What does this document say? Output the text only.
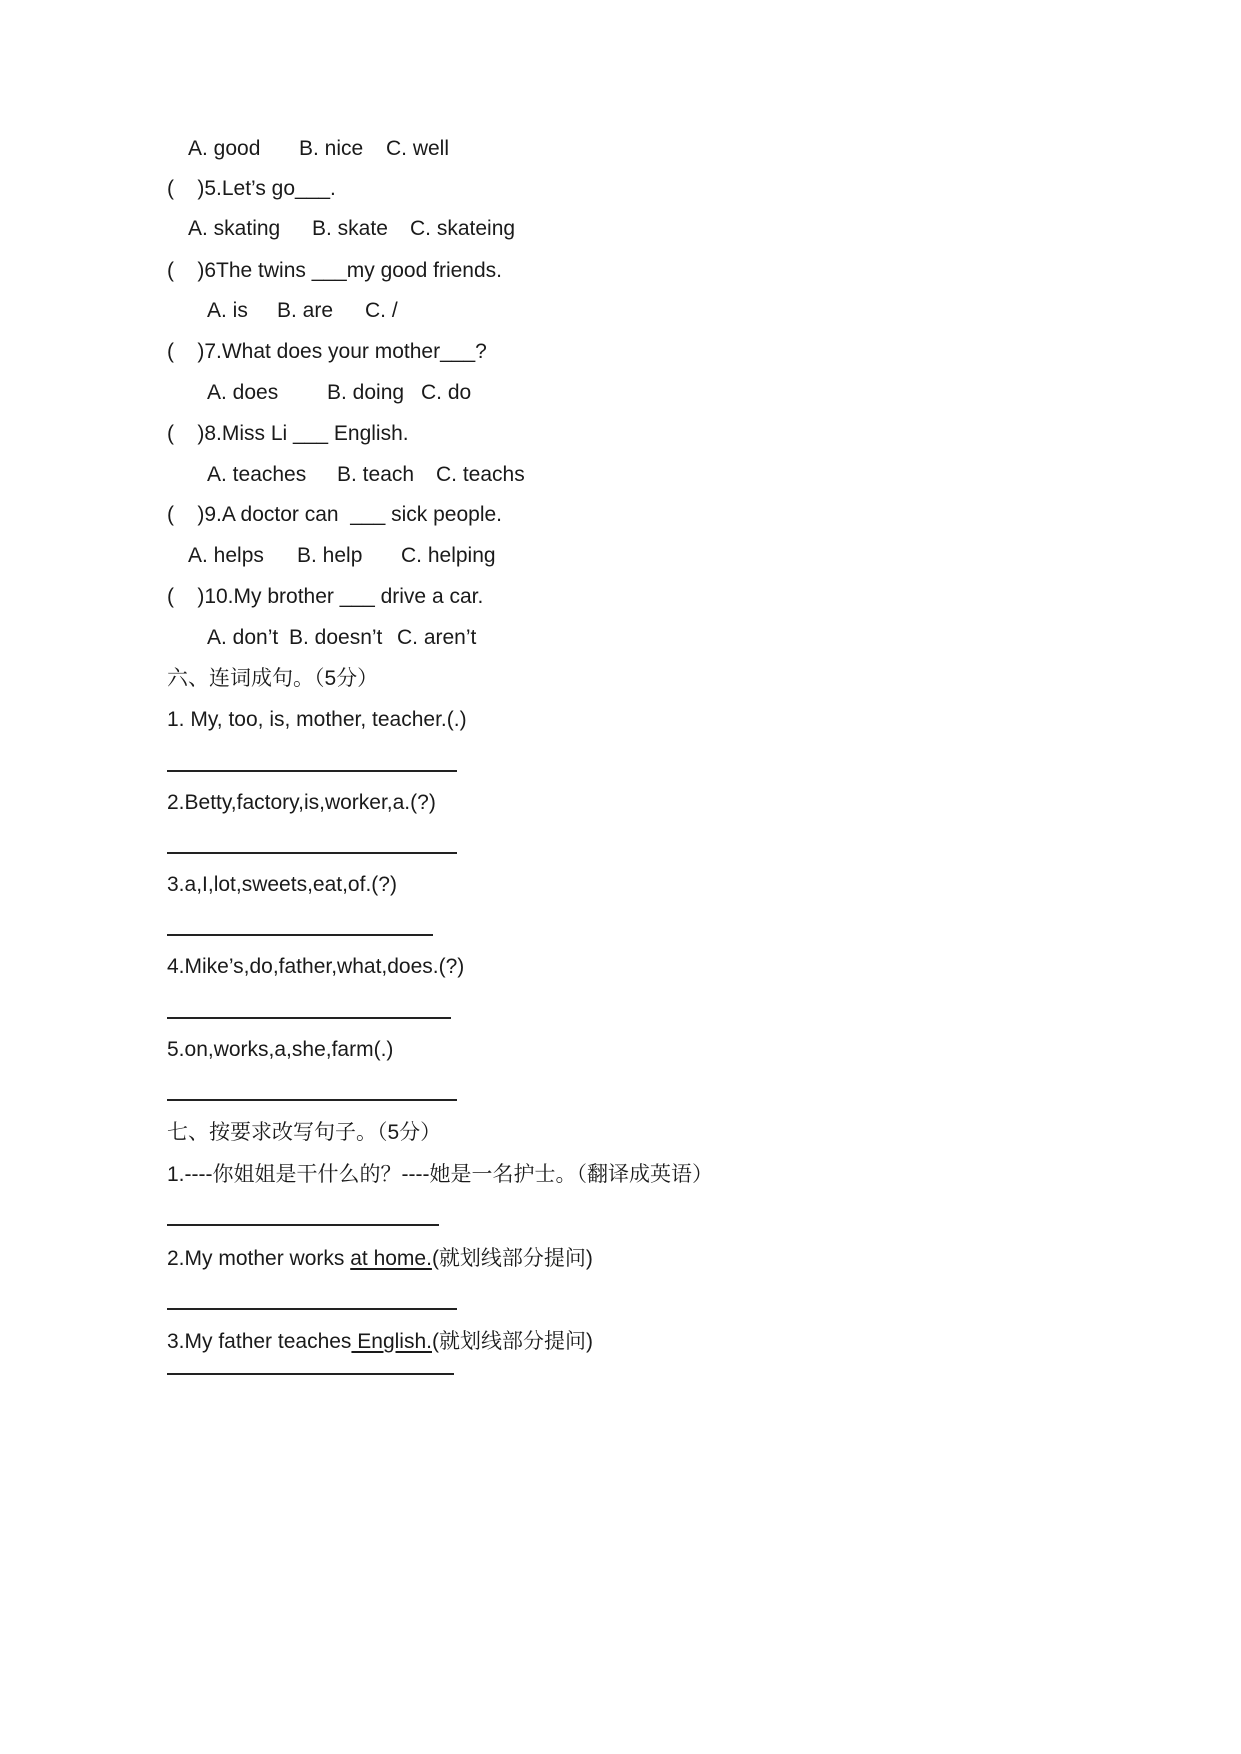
A. good B. nice C. well
(    )5.Let’s go___.
A. skating B. skate C. skateing
(    )6The twins ___my good friends.
A. is B. are C. /
(    )7.What does your mother___?
A. does B. doing C. do
(    )8.Miss Li ___ English.
A. teaches B. teach C. teachs
(    )9.A doctor can  ___ sick people.
A. helps B. help C. helping
(    )10.My brother ___ drive a car.
A. don’t B. doesn’t C. aren’t
六、连词成句。（5分）
1. My, too, is, mother, teacher.(.)
2.Betty,factory,is,worker,a.(?)
3.a,I,lot,sweets,eat,of.(?)
4.Mike’s,do,father,what,does.(?)
5.on,works,a,she,farm(.)
七、按要求改写句子。（5分）
1.----你姐姐是干什么的？----她是一名护士。（翻译成英语）
2.My mother works at home.(就划线部分提问)
3.My father teaches English.(就划线部分提问)
